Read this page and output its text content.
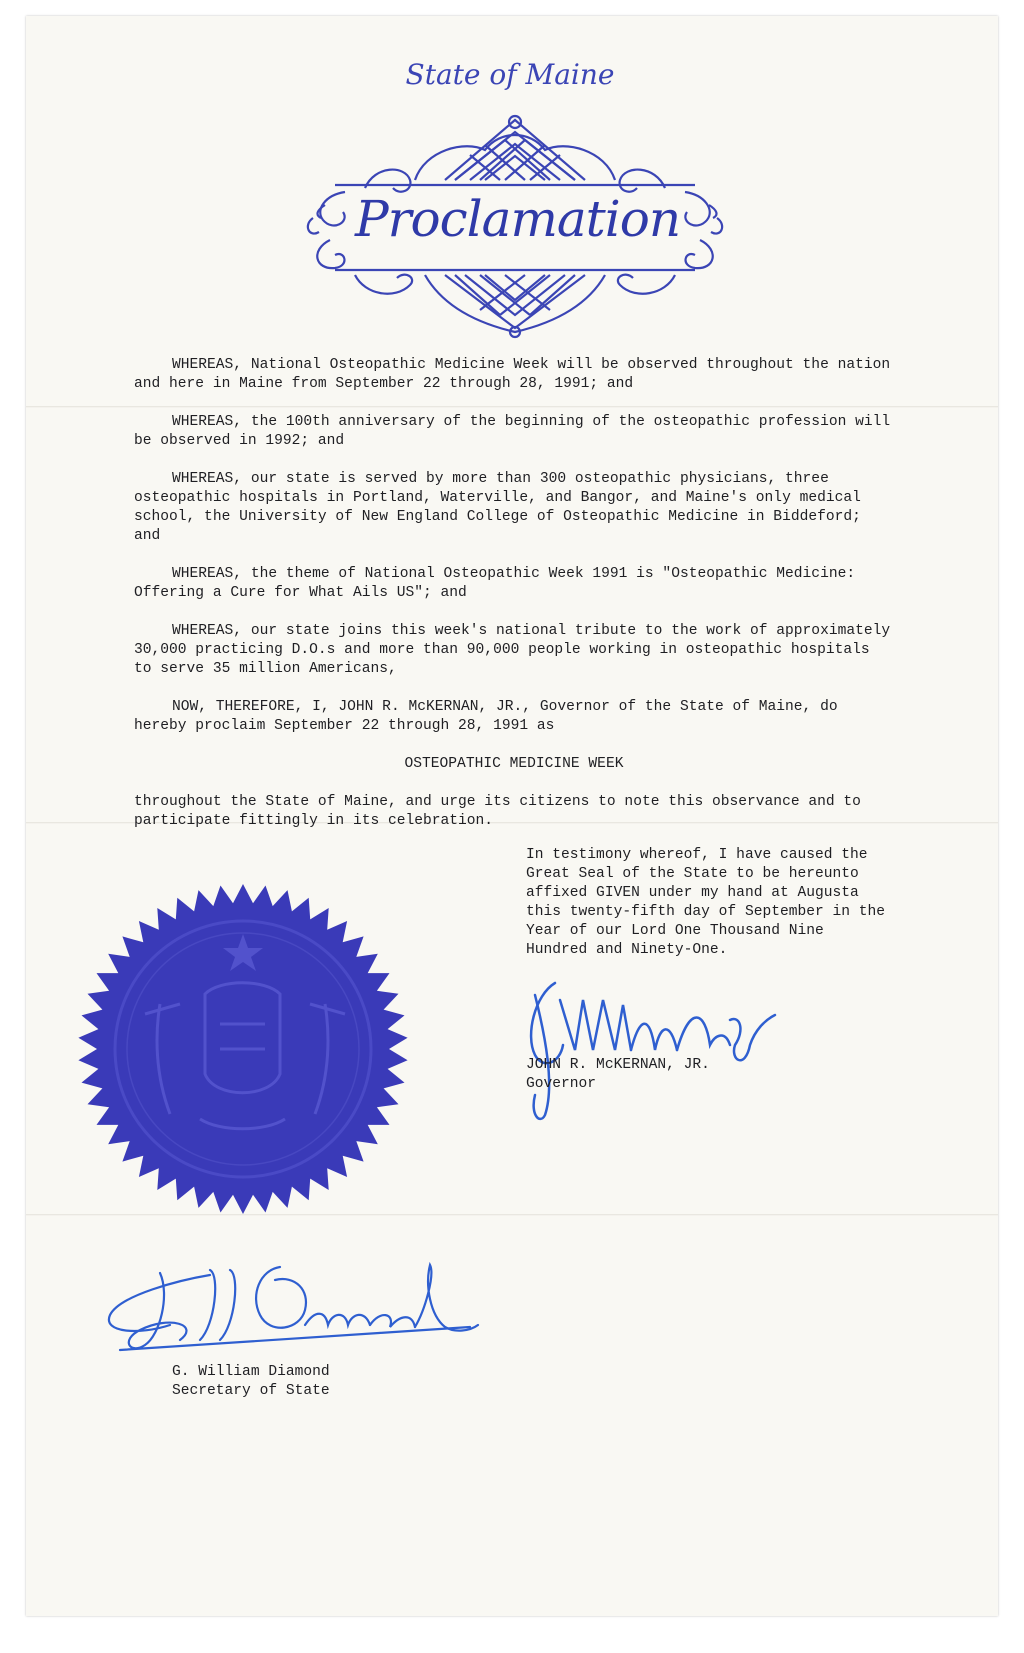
State of Maine
Proclamation

WHEREAS, National Osteopathic Medicine Week will be observed throughout the nation and here in Maine from September 22 through 28, 1991; and

WHEREAS, the 100th anniversary of the beginning of the osteopathic profession will be observed in 1992; and

WHEREAS, our state is served by more than 300 osteopathic physicians, three osteopathic hospitals in Portland, Waterville, and Bangor, and Maine's only medical school, the University of New England College of Osteopathic Medicine in Biddeford; and

WHEREAS, the theme of National Osteopathic Week 1991 is "Osteopathic Medicine: Offering a Cure for What Ails US"; and

WHEREAS, our state joins this week's national tribute to the work of approximately 30,000 practicing D.O.s and more than 90,000 people working in osteopathic hospitals to serve 35 million Americans,

NOW, THEREFORE, I, JOHN R. McKERNAN, JR., Governor of the State of Maine, do hereby proclaim September 22 through 28, 1991 as

OSTEOPATHIC MEDICINE WEEK

throughout the State of Maine, and urge its citizens to note this observance and to participate fittingly in its celebration.

In testimony whereof, I have caused the Great Seal of the State to be hereunto affixed GIVEN under my hand at Augusta this twenty-fifth day of September in the Year of our Lord One Thousand Nine Hundred and Ninety-One.

JOHN R. McKERNAN, JR.

Governor

G. William Diamond

Secretary of State
